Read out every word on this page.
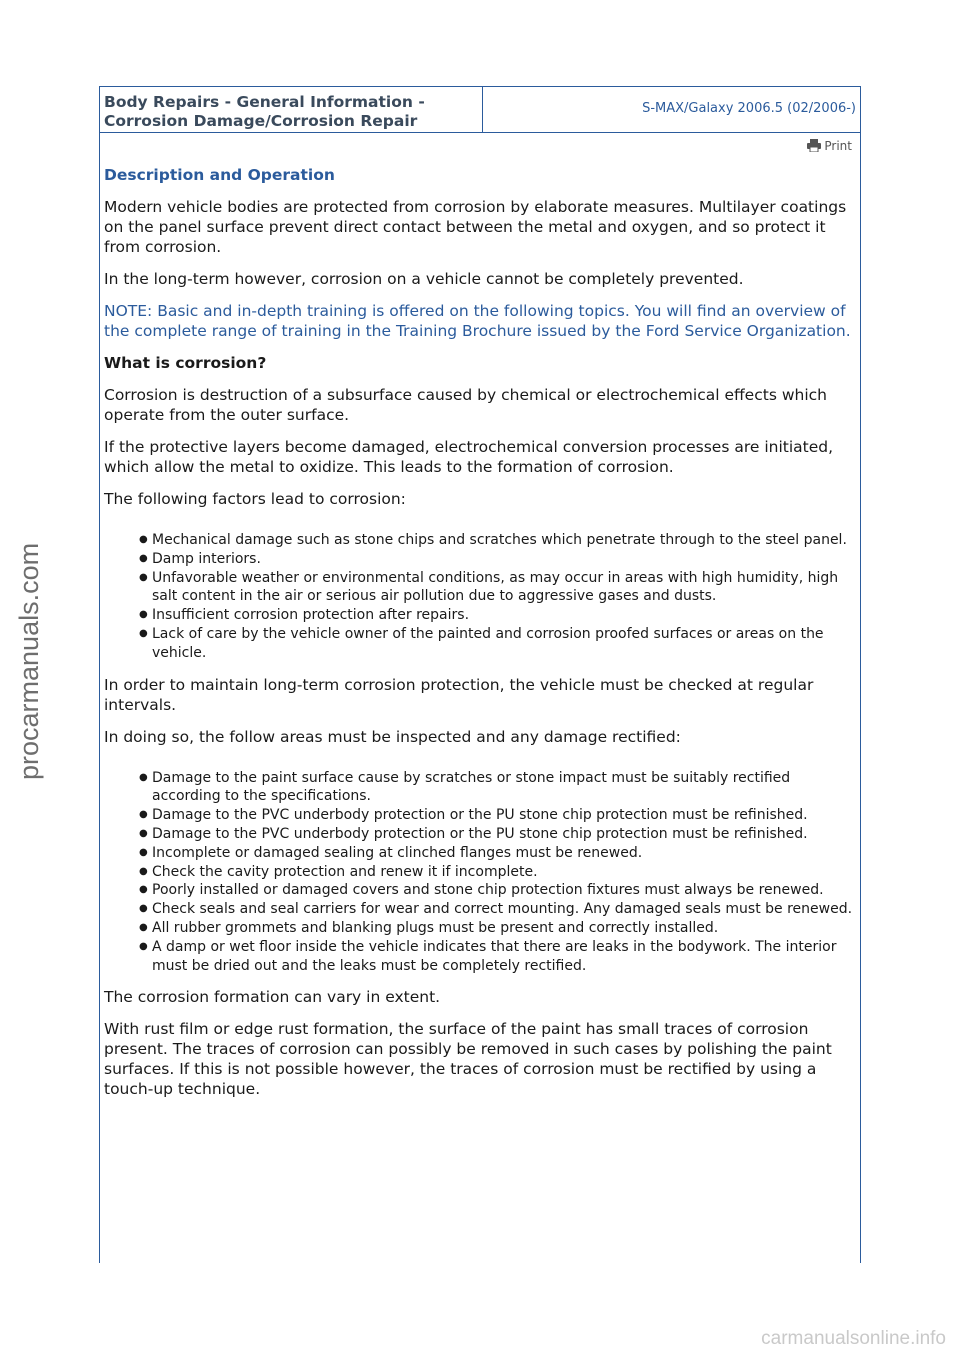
procarmanuals.com
Body Repairs - General Information -
Corrosion Damage/Corrosion Repair
S-MAX/Galaxy 2006.5 (02/2006-)
Print

Description and Operation

Modern vehicle bodies are protected from corrosion by elaborate measures. Multilayer coatings on the panel surface prevent direct contact between the metal and oxygen, and so protect it from corrosion.

In the long-term however, corrosion on a vehicle cannot be completely prevented.

NOTE: Basic and in-depth training is offered on the following topics. You will find an overview of the complete range of training in the Training Brochure issued by the Ford Service Organization.

What is corrosion?

Corrosion is destruction of a subsurface caused by chemical or electrochemical effects which operate from the outer surface.

If the protective layers become damaged, electrochemical conversion processes are initiated, which allow the metal to oxidize. This leads to the formation of corrosion.

The following factors lead to corrosion:

● Mechanical damage such as stone chips and scratches which penetrate through to the steel panel.
● Damp interiors.
● Unfavorable weather or environmental conditions, as may occur in areas with high humidity, high salt content in the air or serious air pollution due to aggressive gases and dusts.
● Insufficient corrosion protection after repairs.
● Lack of care by the vehicle owner of the painted and corrosion proofed surfaces or areas on the vehicle.

In order to maintain long-term corrosion protection, the vehicle must be checked at regular intervals.

In doing so, the follow areas must be inspected and any damage rectified:

● Damage to the paint surface cause by scratches or stone impact must be suitably rectified according to the specifications.
● Damage to the PVC underbody protection or the PU stone chip protection must be refinished.
● Damage to the PVC underbody protection or the PU stone chip protection must be refinished.
● Incomplete or damaged sealing at clinched flanges must be renewed.
● Check the cavity protection and renew it if incomplete.
● Poorly installed or damaged covers and stone chip protection fixtures must always be renewed.
● Check seals and seal carriers for wear and correct mounting. Any damaged seals must be renewed.
● All rubber grommets and blanking plugs must be present and correctly installed.
● A damp or wet floor inside the vehicle indicates that there are leaks in the bodywork. The interior must be dried out and the leaks must be completely rectified.

The corrosion formation can vary in extent.

With rust film or edge rust formation, the surface of the paint has small traces of corrosion present. The traces of corrosion can possibly be removed in such cases by polishing the paint surfaces. If this is not possible however, the traces of corrosion must be rectified by using a touch-up technique.

carmanualsonline.info
